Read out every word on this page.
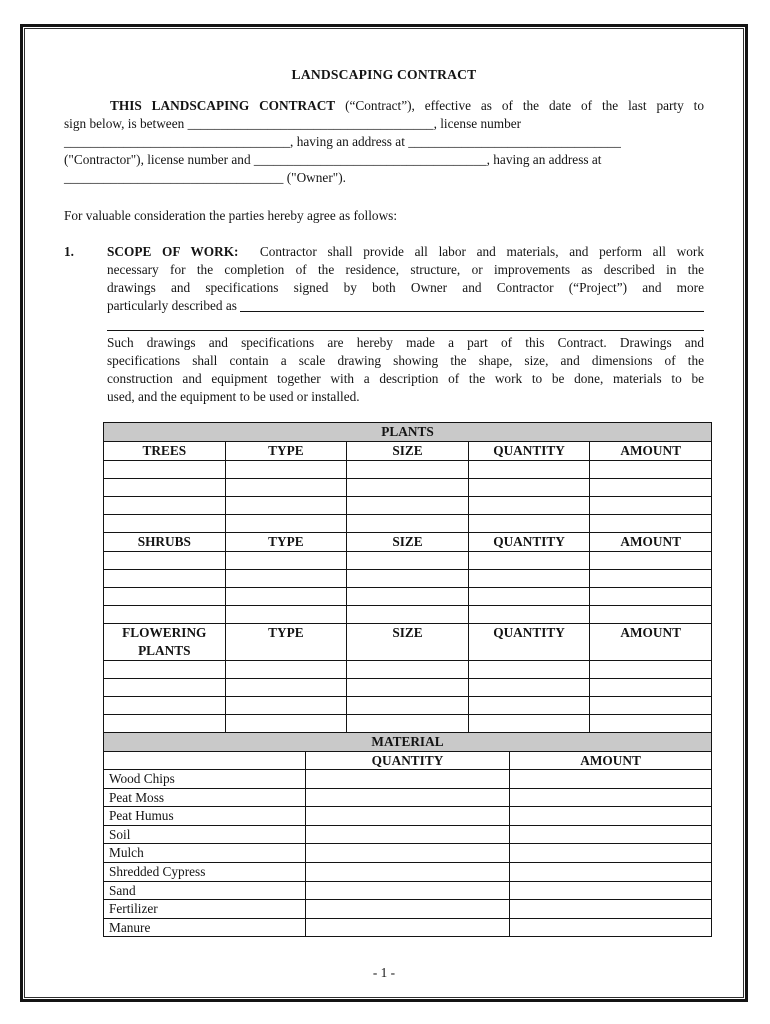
LANDSCAPING CONTRACT
THIS LANDSCAPING CONTRACT (“Contract”), effective as of the date of the last party to
sign below, is between _____________________________________, license number
__________________________________, having an address at ________________________________
("Contractor"), license number and ___________________________________, having an address at
_________________________________ ("Owner").
For valuable consideration the parties hereby agree as follows:
1.	SCOPE OF WORK:  Contractor shall provide all labor and materials, and perform all work
necessary for the completion of the residence, structure, or improvements as described in the
drawings and specifications signed by both Owner and Contractor (“Project”) and more
particularly described as
Such drawings and specifications are hereby made a part of this Contract. Drawings and
specifications shall contain a scale drawing showing the shape, size, and dimensions of the
construction and equipment together with a description of the work to be done, materials to be
used, and the equipment to be used or installed.
PLANTS				
TREES	TYPE	SIZE	QUANTITY	AMOUNT

SHRUBS	TYPE	SIZE	QUANTITY	AMOUNT

FLOWERING PLANTS	TYPE	SIZE	QUANTITY	AMOUNT

MATERIAL		
	QUANTITY	AMOUNT
Wood Chips		
Peat Moss		
Peat Humus		
Soil		
Mulch		
Shredded Cypress		
Sand		
Fertilizer		
Manure		
- 1 -
